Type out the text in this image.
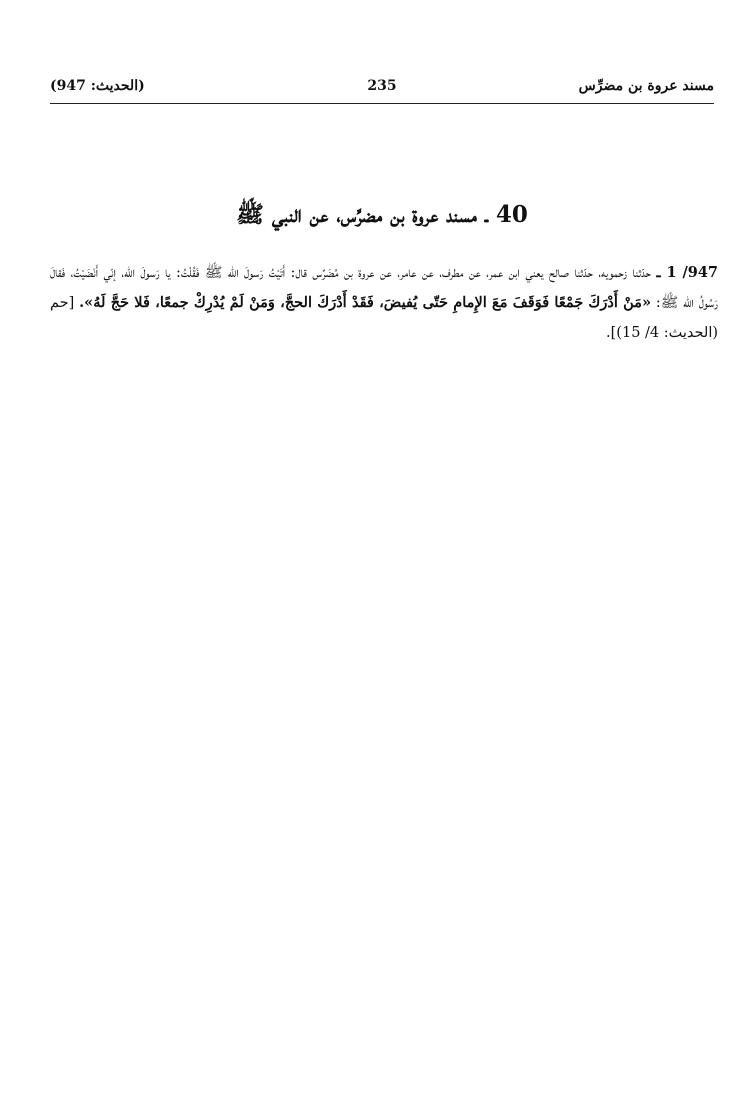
مسند عروة بن مضرِّس
235
(الحديث: 947)
40 ـ مسند عروة بن مضرِّس، عن النبي ﷺ

947/ 1 ـ حدّثنا زحمويه، حدّثنا صالح يعني ابن عمر، عن مطرف، عن عامر، عن عروة بن مُضَرِّس قال: أَتَيْتُ رَسولَ الله ﷺ فَقُلْتُ: يا رَسولَ الله، إنّي أَنْضَيْتُ، فَقالَ رَسُولُ الله ﷺ: «مَنْ أَدْرَكَ جَمْعًا فَوَقَفَ مَعَ الإِمامِ حَتّى يُفيضَ، فَقَدْ أَدْرَكَ الحجَّ، وَمَنْ لَمْ يُدْرِكْ جمعًا، فَلا حَجَّ لَهُ». [حم (الحديث: 4/ 15)].
